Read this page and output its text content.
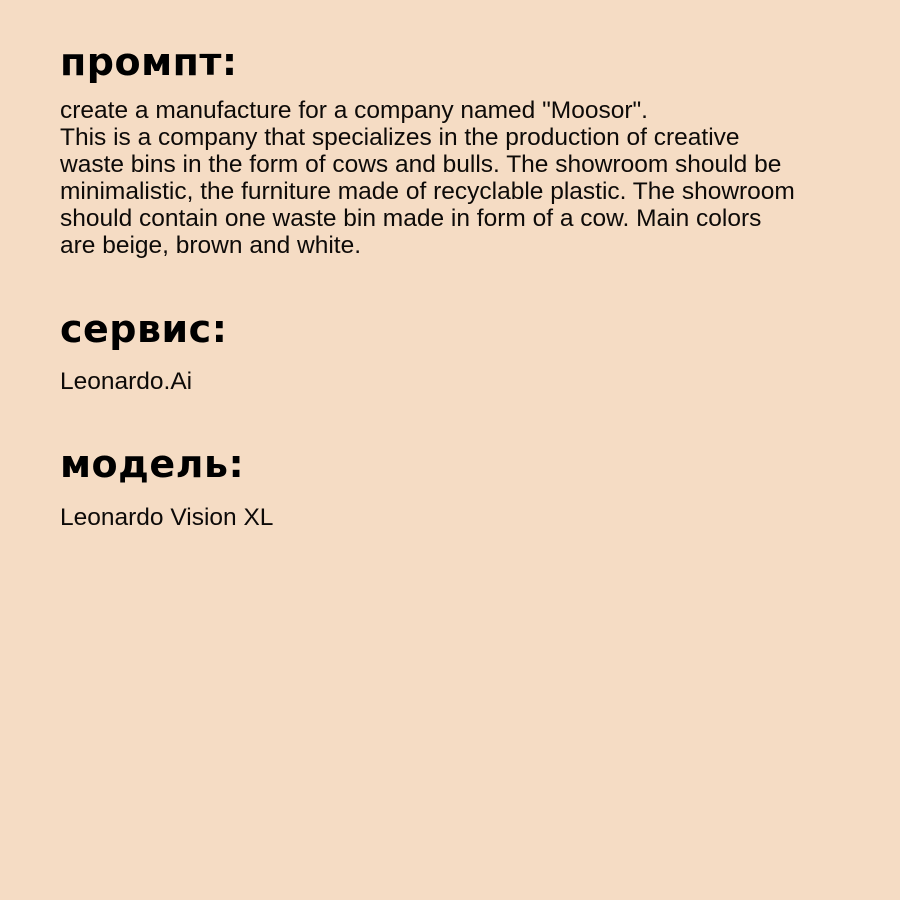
промпт:

create a manufacture for a company named "Moosor".
This is a company that specializes in the production of creative
waste bins in the form of cows and bulls. The showroom should be
minimalistic, the furniture made of recyclable plastic. The showroom
should contain one waste bin made in form of a cow. Main colors
are beige, brown and white.

сервис:

Leonardo.Ai

модель:

Leonardo Vision XL
